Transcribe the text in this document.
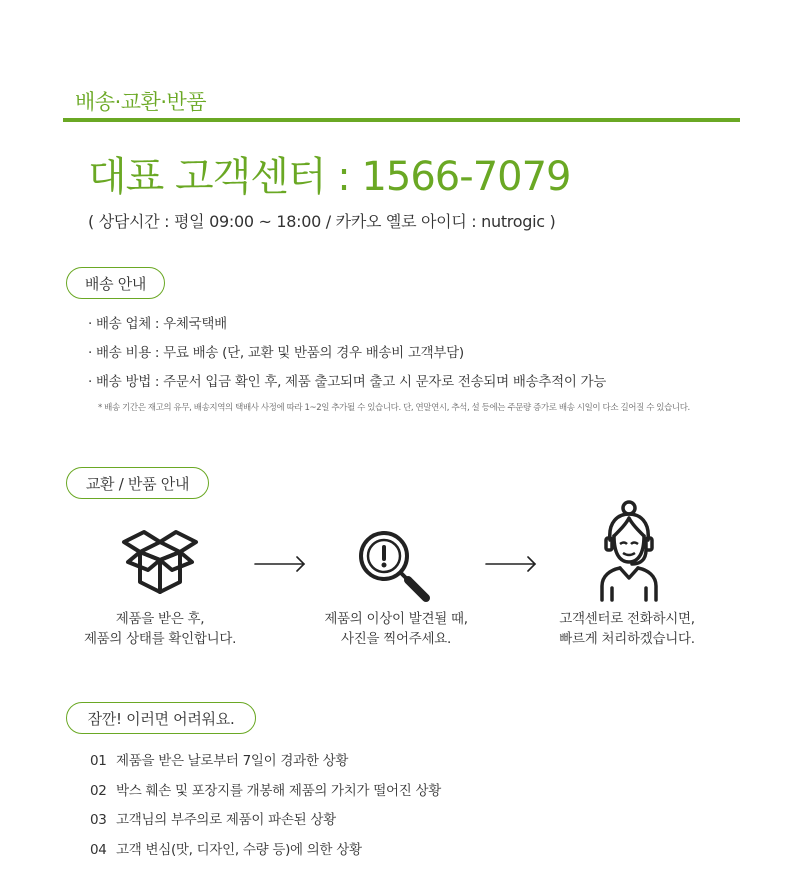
배송·교환·반품
대표 고객센터 : 1566-7079
( 상담시간 : 평일 09:00 ~ 18:00 / 카카오 옐로 아이디 : nutrogic )
배송 안내
· 배송 업체 : 우체국택배
· 배송 비용 : 무료 배송 (단, 교환 및 반품의 경우 배송비 고객부담)
· 배송 방법 : 주문서 입금 확인 후, 제품 출고되며 출고 시 문자로 전송되며 배송추적이 가능
* 배송 기간은 재고의 유무, 배송지역의 택배사 사정에 따라 1~2일 추가될 수 있습니다. 단, 연말연시, 추석, 설 등에는 주문량 증가로 배송 시일이 다소 길어질 수 있습니다.
교환 / 반품 안내
제품을 받은 후,
제품의 상태를 확인합니다.
제품의 이상이 발견될 때,
사진을 찍어주세요.
고객센터로 전화하시면,
빠르게 처리하겠습니다.
잠깐! 이러면 어려워요.
01 제품을 받은 날로부터 7일이 경과한 상황
02 박스 훼손 및 포장지를 개봉해 제품의 가치가 떨어진 상황
03 고객님의 부주의로 제품이 파손된 상황
04 고객 변심(맛, 디자인, 수량 등)에 의한 상황
